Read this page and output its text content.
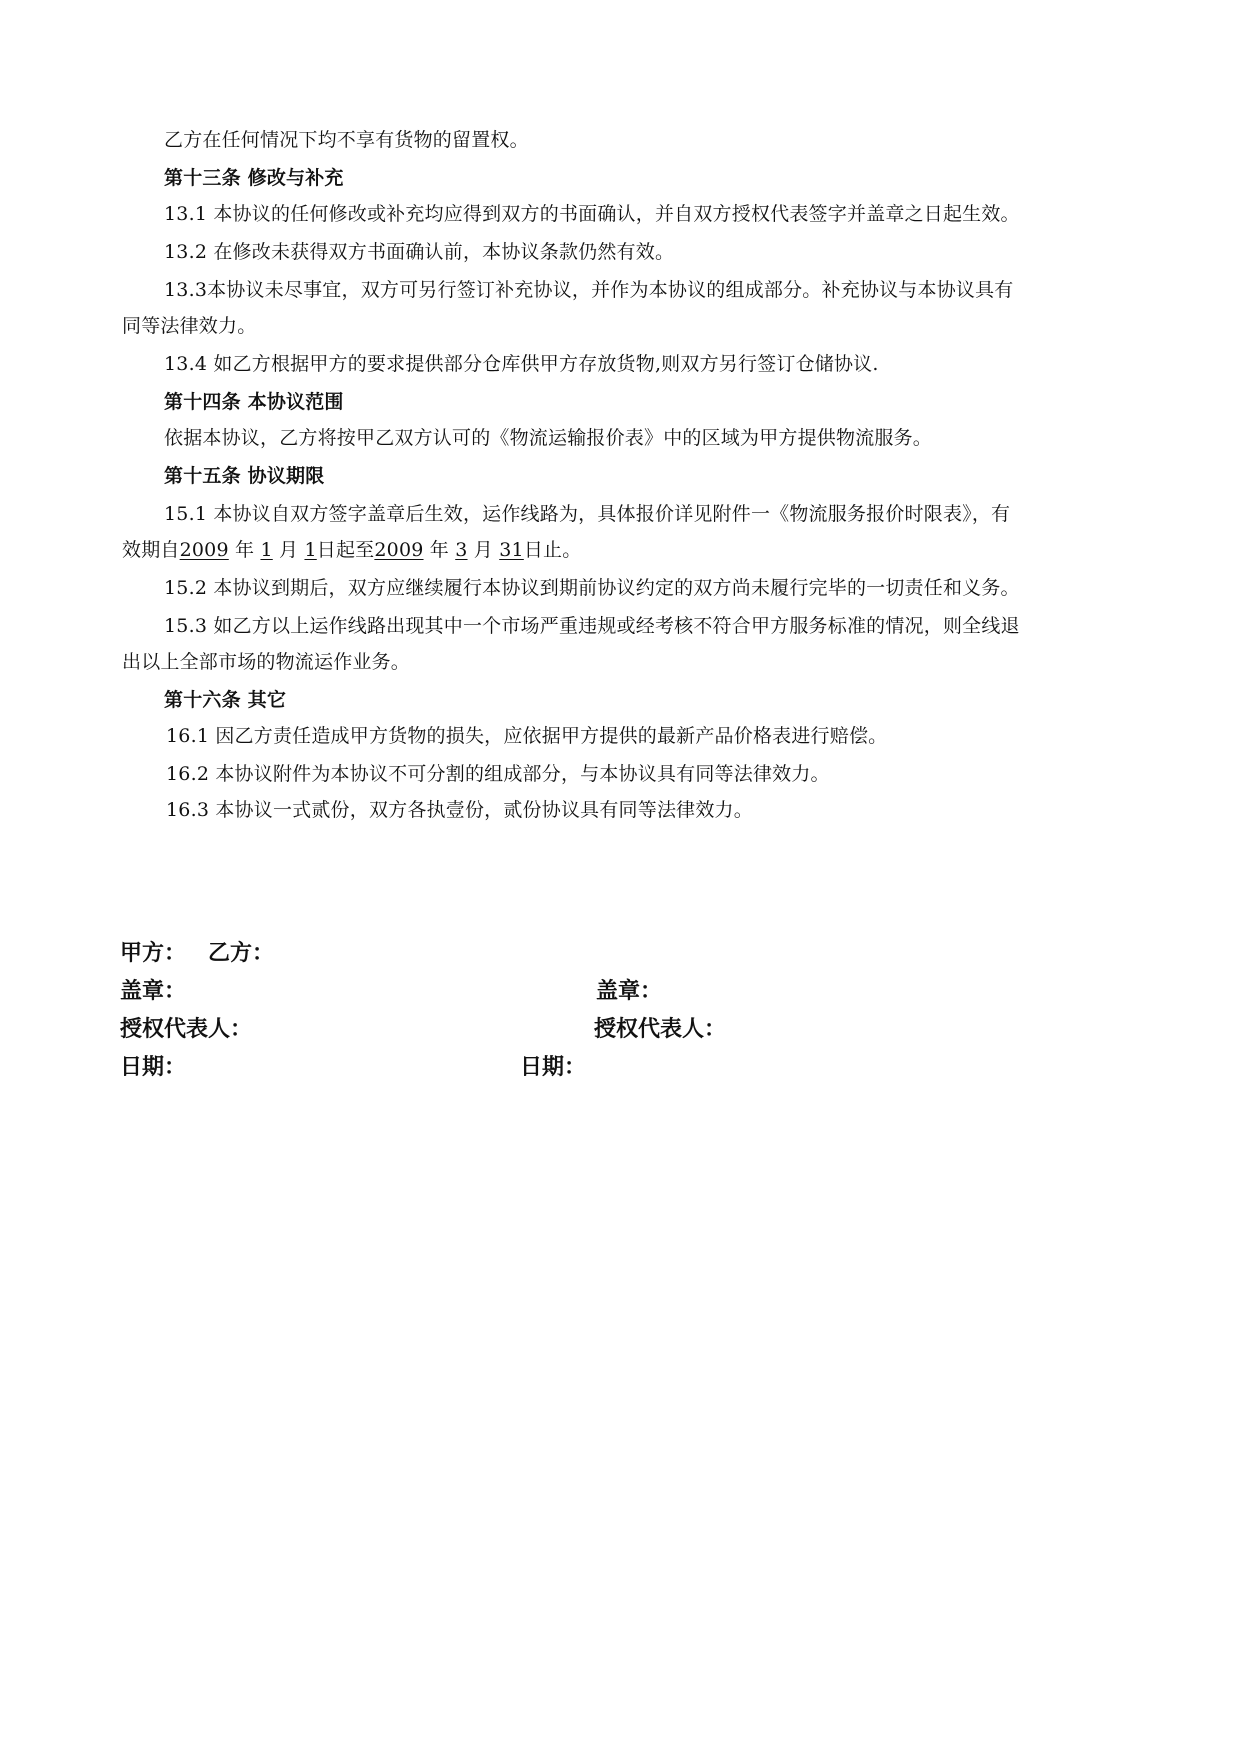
乙方在任何情况下均不享有货物的留置权。
第十三条 修改与补充
13.1 本协议的任何修改或补充均应得到双方的书面确认，并自双方授权代表签字并盖章之日起生效。
13.2 在修改未获得双方书面确认前，本协议条款仍然有效。
13.3本协议未尽事宜，双方可另行签订补充协议，并作为本协议的组成部分。补充协议与本协议具有
同等法律效力。
13.4 如乙方根据甲方的要求提供部分仓库供甲方存放货物,则双方另行签订仓储协议.
第十四条 本协议范围
依据本协议，乙方将按甲乙双方认可的《物流运输报价表》中的区域为甲方提供物流服务。
第十五条 协议期限
15.1 本协议自双方签字盖章后生效，运作线路为，具体报价详见附件一《物流服务报价时限表》，有
效期自2009 年 1 月 1日起至2009 年 3 月 31日止。
15.2 本协议到期后，双方应继续履行本协议到期前协议约定的双方尚未履行完毕的一切责任和义务。
15.3 如乙方以上运作线路出现其中一个市场严重违规或经考核不符合甲方服务标准的情况，则全线退
出以上全部市场的物流运作业务。
第十六条 其它
16.1 因乙方责任造成甲方货物的损失，应依据甲方提供的最新产品价格表进行赔偿。
16.2 本协议附件为本协议不可分割的组成部分，与本协议具有同等法律效力。
16.3 本协议一式贰份，双方各执壹份，贰份协议具有同等法律效力。
甲方： 乙方：
盖章：	盖章：
授权代表人：	授权代表人：
日期：	日期：
